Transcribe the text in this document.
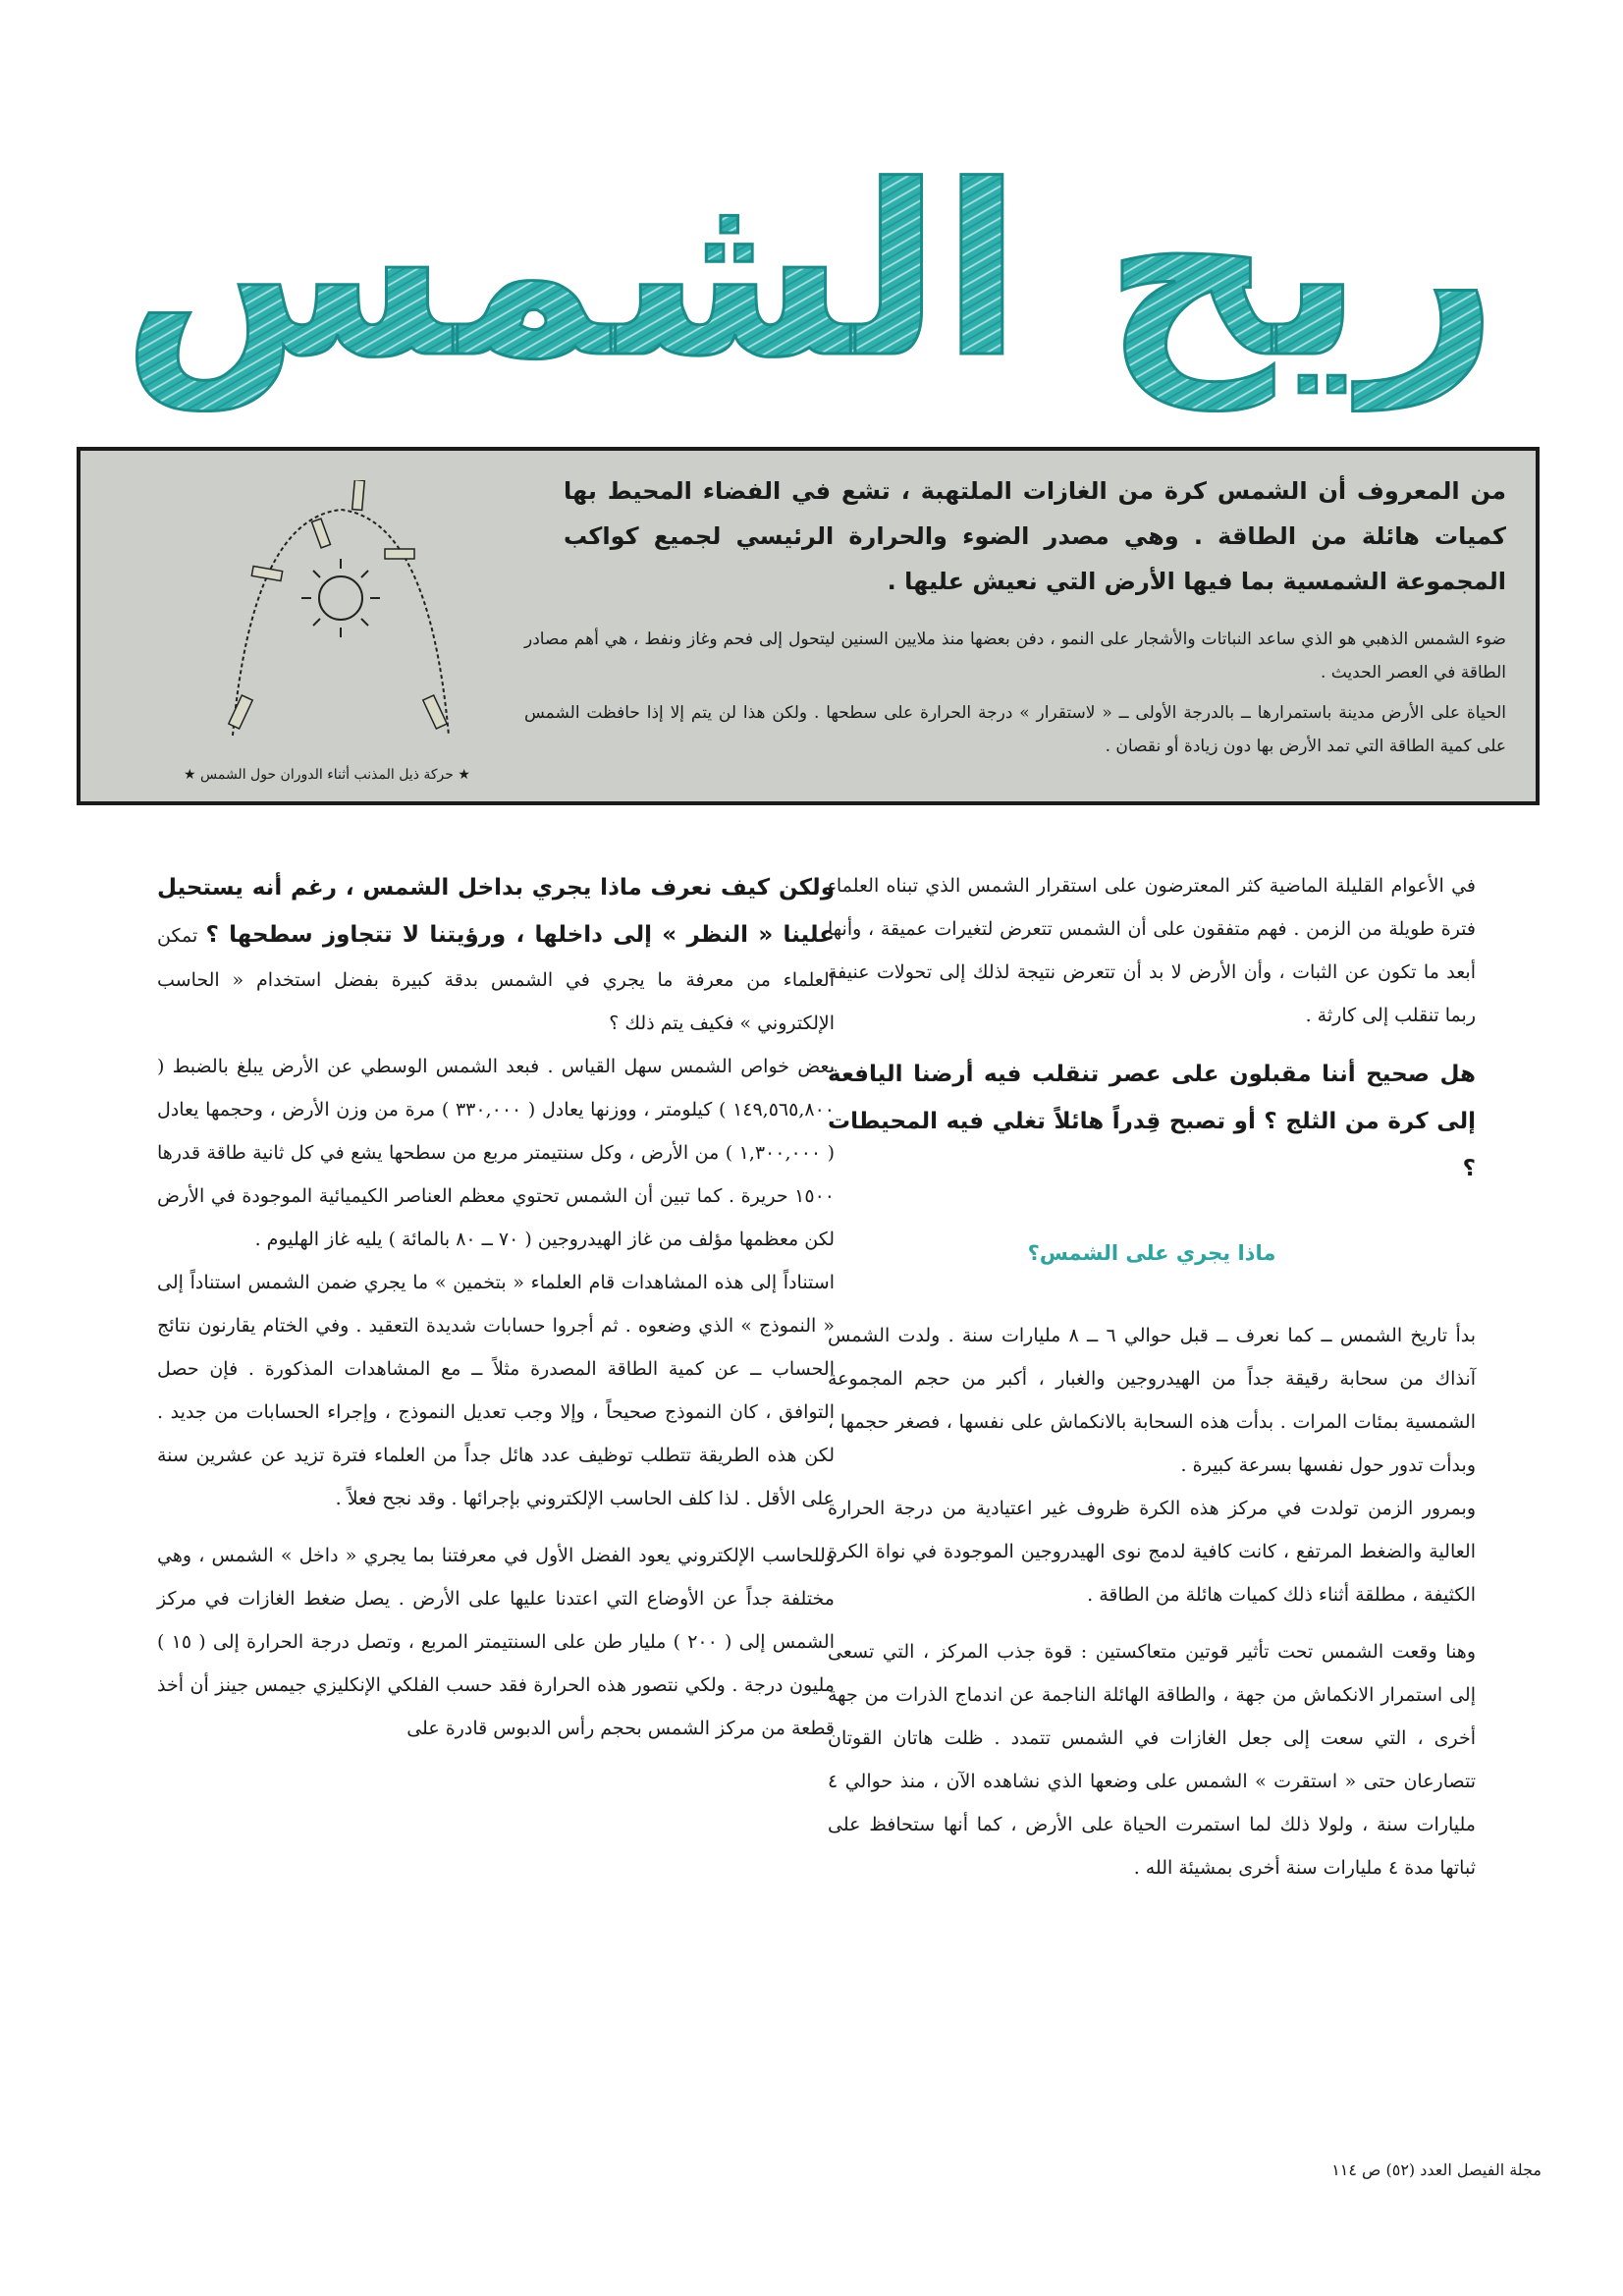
ريح الشمس

من المعروف أن الشمس كرة من الغازات الملتهبة ، تشع في الفضاء المحيط بها كميات هائلة من الطاقة . وهي مصدر الضوء والحرارة الرئيسي لجميع كواكب المجموعة الشمسية بما فيها الأرض التي نعيش عليها .

ضوء الشمس الذهبي هو الذي ساعد النباتات والأشجار على النمو ، دفن بعضها منذ ملايين السنين ليتحول إلى فحم وغاز ونفط ، هي أهم مصادر الطاقة في العصر الحديث .

الحياة على الأرض مدينة باستمرارها ــ بالدرجة الأولى ــ « لاستقرار » درجة الحرارة على سطحها . ولكن هذا لن يتم إلا إذا حافظت الشمس على كمية الطاقة التي تمد الأرض بها دون زيادة أو نقصان .

★ حركة ذيل المذنب أثناء الدوران حول الشمس ★

في الأعوام القليلة الماضية كثر المعترضون على استقرار الشمس الذي تبناه العلماء فترة طويلة من الزمن . فهم متفقون على أن الشمس تتعرض لتغيرات عميقة ، وأنها أبعد ما تكون عن الثبات ، وأن الأرض لا بد أن تتعرض نتيجة لذلك إلى تحولات عنيفة ربما تنقلب إلى كارثة .

هل صحيح أننا مقبلون على عصر تنقلب فيه أرضنا اليافعة إلى كرة من الثلج ؟ أو تصبح قِدراً هائلاً تغلي فيه المحيطات ؟

ماذا يجري على الشمس؟

بدأ تاريخ الشمس ــ كما نعرف ــ قبل حوالي ٦ ــ ٨ مليارات سنة . ولدت الشمس آنذاك من سحابة رقيقة جداً من الهيدروجين والغبار ، أكبر من حجم المجموعة الشمسية بمئات المرات . بدأت هذه السحابة بالانكماش على نفسها ، فصغر حجمها ، وبدأت تدور حول نفسها بسرعة كبيرة .

وبمرور الزمن تولدت في مركز هذه الكرة ظروف غير اعتيادية من درجة الحرارة العالية والضغط المرتفع ، كانت كافية لدمج نوى الهيدروجين الموجودة في نواة الكرة الكثيفة ، مطلقة أثناء ذلك كميات هائلة من الطاقة .

وهنا وقعت الشمس تحت تأثير قوتين متعاكستين : قوة جذب المركز ، التي تسعى إلى استمرار الانكماش من جهة ، والطاقة الهائلة الناجمة عن اندماج الذرات من جهة أخرى ، التي سعت إلى جعل الغازات في الشمس تتمدد . ظلت هاتان القوتان تتصارعان حتى « استقرت » الشمس على وضعها الذي نشاهده الآن ، منذ حوالي ٤ مليارات سنة ، ولولا ذلك لما استمرت الحياة على الأرض ، كما أنها ستحافظ على ثباتها مدة ٤ مليارات سنة أخرى بمشيئة الله .

ولكن كيف نعرف ماذا يجري بداخل الشمس ، رغم أنه يستحيل علينا « النظر » إلى داخلها ، ورؤيتنا لا تتجاوز سطحها ؟ تمكن العلماء من معرفة ما يجري في الشمس بدقة كبيرة بفضل استخدام « الحاسب الإلكتروني » فكيف يتم ذلك ؟

بعض خواص الشمس سهل القياس . فبعد الشمس الوسطي عن الأرض يبلغ بالضبط ( ١٤٩,٥٦٥,٨٠٠ ) كيلومتر ، ووزنها يعادل ( ٣٣٠,٠٠٠ ) مرة من وزن الأرض ، وحجمها يعادل ( ١,٣٠٠,٠٠٠ ) من الأرض ، وكل سنتيمتر مربع من سطحها يشع في كل ثانية طاقة قدرها ١٥٠٠ حريرة . كما تبين أن الشمس تحتوي معظم العناصر الكيميائية الموجودة في الأرض لكن معظمها مؤلف من غاز الهيدروجين ( ٧٠ ــ ٨٠ بالمائة ) يليه غاز الهليوم .

استناداً إلى هذه المشاهدات قام العلماء « بتخمين » ما يجري ضمن الشمس استناداً إلى « النموذج » الذي وضعوه . ثم أجروا حسابات شديدة التعقيد . وفي الختام يقارنون نتائج الحساب ــ عن كمية الطاقة المصدرة مثلاً ــ مع المشاهدات المذكورة . فإن حصل التوافق ، كان النموذج صحيحاً ، وإلا وجب تعديل النموذج ، وإجراء الحسابات من جديد . لكن هذه الطريقة تتطلب توظيف عدد هائل جداً من العلماء فترة تزيد عن عشرين سنة على الأقل . لذا كلف الحاسب الإلكتروني بإجرائها . وقد نجح فعلاً .

وللحاسب الإلكتروني يعود الفضل الأول في معرفتنا بما يجري « داخل » الشمس ، وهي مختلفة جداً عن الأوضاع التي اعتدنا عليها على الأرض . يصل ضغط الغازات في مركز الشمس إلى ( ٢٠٠ ) مليار طن على السنتيمتر المربع ، وتصل درجة الحرارة إلى ( ١٥ ) مليون درجة . ولكي نتصور هذه الحرارة فقد حسب الفلكي الإنكليزي جيمس جينز أن أخذ قطعة من مركز الشمس بحجم رأس الدبوس قادرة على

مجلة الفيصل العدد (٥٢) ص ١١٤
